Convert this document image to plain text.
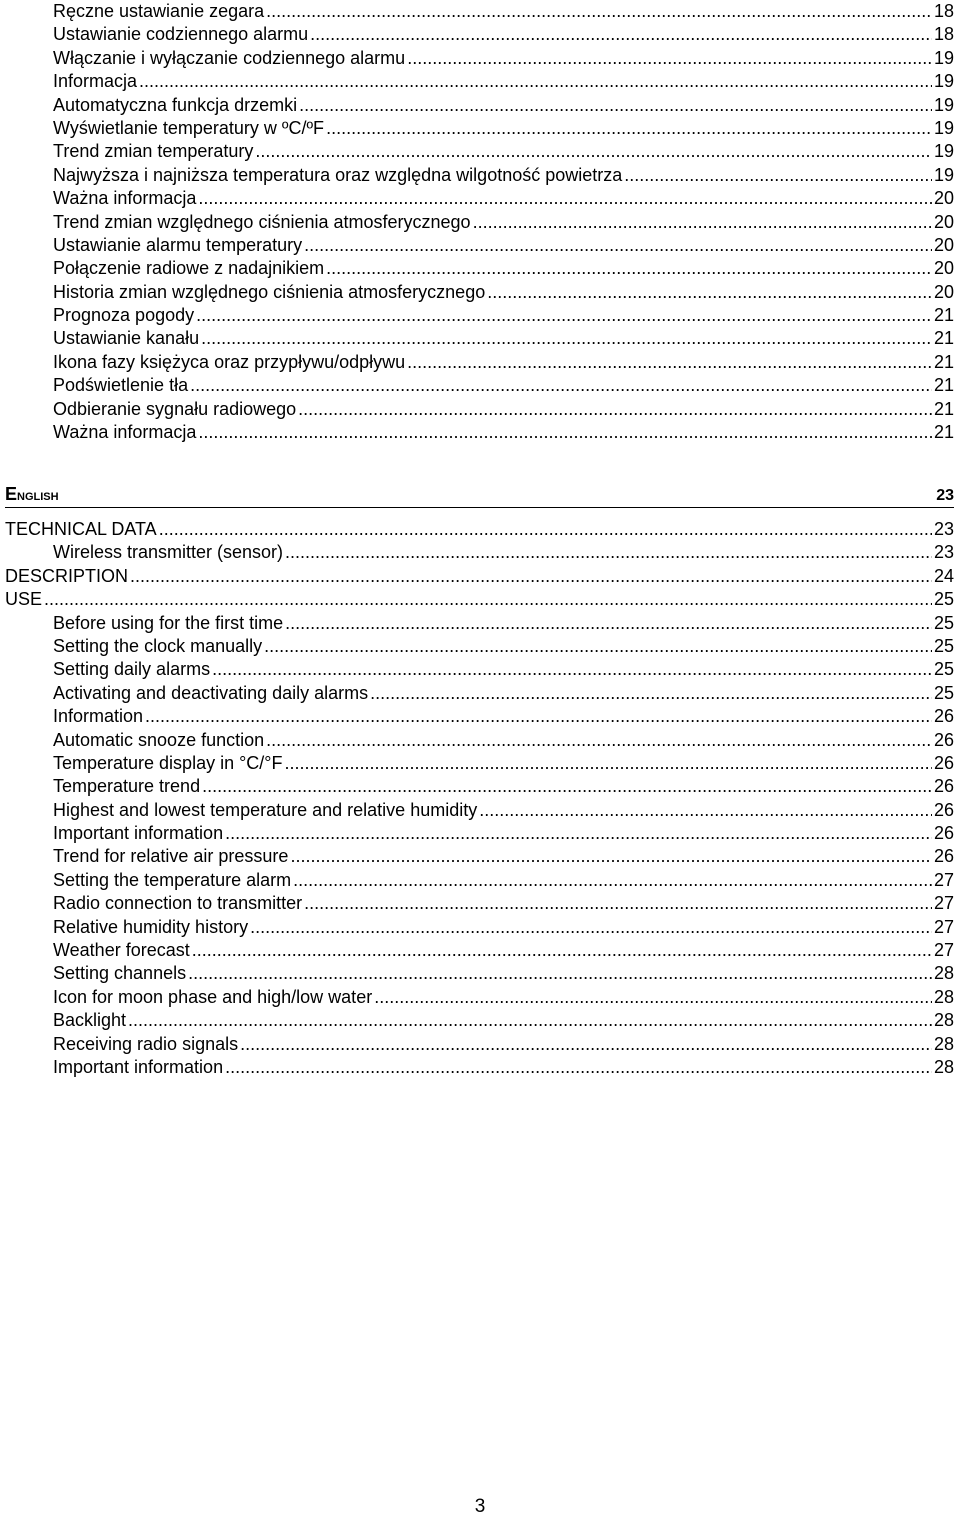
Ręczne ustawianie zegara .....	18
Ustawianie codziennego alarmu .....	18
Włączanie i wyłączanie codziennego alarmu .....	19
Informacja .....	19
Automatyczna funkcja drzemki .....	19
Wyświetlanie temperatury w ºC/ºF .....	19
Trend zmian temperatury .....	19
Najwyższa i najniższa temperatura oraz względna wilgotność powietrza .....	19
Ważna informacja .....	20
Trend zmian względnego ciśnienia atmosferycznego .....	20
Ustawianie alarmu temperatury .....	20
Połączenie radiowe z nadajnikiem .....	20
Historia zmian względnego ciśnienia atmosferycznego .....	20
Prognoza pogody .....	21
Ustawianie kanału .....	21
Ikona fazy księżyca oraz przypływu/odpływu .....	21
Podświetlenie tła .....	21
Odbieranie sygnału radiowego .....	21
Ważna informacja .....	21
English	23
TECHNICAL DATA .....	23
Wireless transmitter (sensor) .....	23
DESCRIPTION .....	24
USE .....	25
Before using for the first time .....	25
Setting the clock manually .....	25
Setting daily alarms .....	25
Activating and deactivating daily alarms .....	25
Information .....	26
Automatic snooze function .....	26
Temperature display in °C/°F .....	26
Temperature trend .....	26
Highest and lowest temperature and relative humidity .....	26
Important information .....	26
Trend for relative air pressure .....	26
Setting the temperature alarm .....	27
Radio connection to transmitter .....	27
Relative humidity history .....	27
Weather forecast .....	27
Setting channels .....	28
Icon for moon phase and high/low water .....	28
Backlight .....	28
Receiving radio signals .....	28
Important information .....	28
3
